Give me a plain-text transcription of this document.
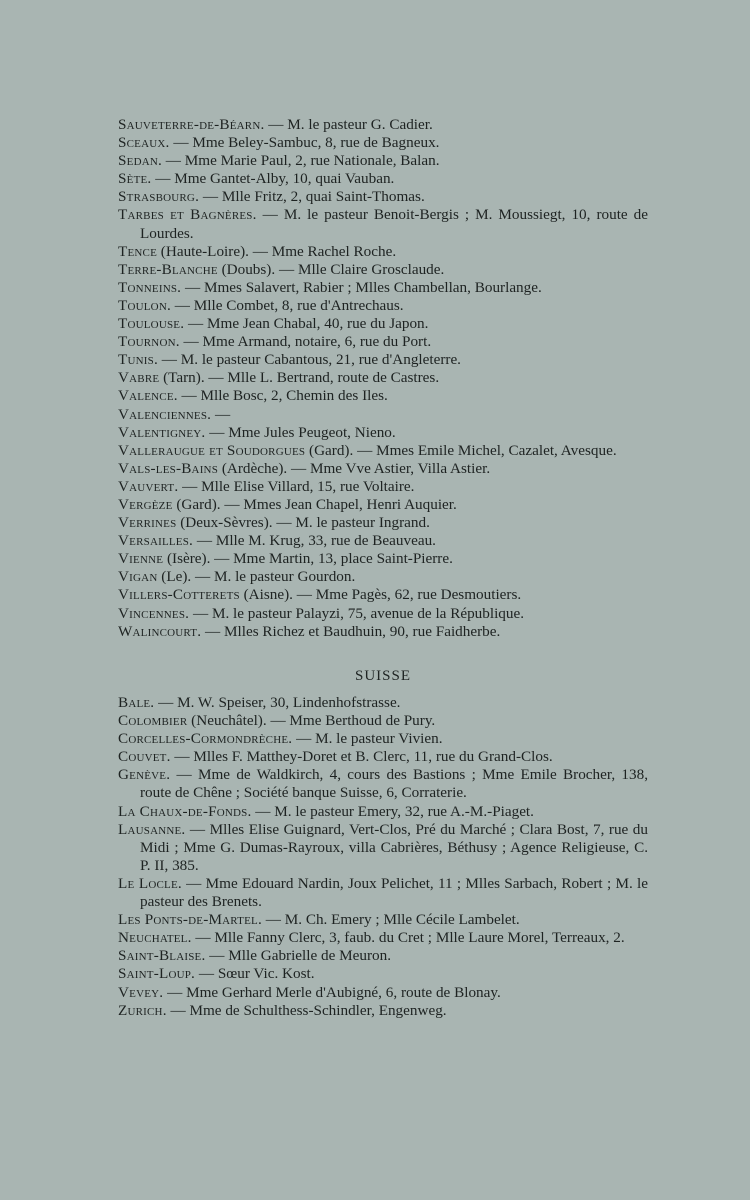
Sauveterre-de-Béarn. — M. le pasteur G. Cadier.
Sceaux. — Mme Beley-Sambuc, 8, rue de Bagneux.
Sedan. — Mme Marie Paul, 2, rue Nationale, Balan.
Sète. — Mme Gantet-Alby, 10, quai Vauban.
Strasbourg. — Mlle Fritz, 2, quai Saint-Thomas.
Tarbes et Bagnères. — M. le pasteur Benoit-Bergis ; M. Moussiegt, 10, route de Lourdes.
Tence (Haute-Loire). — Mme Rachel Roche.
Terre-Blanche (Doubs). — Mlle Claire Grosclaude.
Tonneins. — Mmes Salavert, Rabier ; Mlles Chambellan, Bourlange.
Toulon. — Mlle Combet, 8, rue d'Antrechaus.
Toulouse. — Mme Jean Chabal, 40, rue du Japon.
Tournon. — Mme Armand, notaire, 6, rue du Port.
Tunis. — M. le pasteur Cabantous, 21, rue d'Angleterre.
Vabre (Tarn). — Mlle L. Bertrand, route de Castres.
Valence. — Mlle Bosc, 2, Chemin des Iles.
Valenciennes. —
Valentigney. — Mme Jules Peugeot, Nieno.
Valleraugue et Soudorgues (Gard). — Mmes Emile Michel, Cazalet, Avesque.
Vals-les-Bains (Ardèche). — Mme Vve Astier, Villa Astier.
Vauvert. — Mlle Elise Villard, 15, rue Voltaire.
Vergèze (Gard). — Mmes Jean Chapel, Henri Auquier.
Verrines (Deux-Sèvres). — M. le pasteur Ingrand.
Versailles. — Mlle M. Krug, 33, rue de Beauveau.
Vienne (Isère). — Mme Martin, 13, place Saint-Pierre.
Vigan (Le). — M. le pasteur Gourdon.
Villers-Cotterets (Aisne). — Mme Pagès, 62, rue Desmoutiers.
Vincennes. — M. le pasteur Palayzi, 75, avenue de la République.
Walincourt. — Mlles Richez et Baudhuin, 90, rue Faidherbe.
SUISSE
Bale. — M. W. Speiser, 30, Lindenhofstrasse.
Colombier (Neuchâtel). — Mme Berthoud de Pury.
Corcelles-Cormondrèche. — M. le pasteur Vivien.
Couvet. — Mlles F. Matthey-Doret et B. Clerc, 11, rue du Grand-Clos.
Genève. — Mme de Waldkirch, 4, cours des Bastions ; Mme Emile Brocher, 138, route de Chêne ; Société banque Suisse, 6, Corraterie.
La Chaux-de-Fonds. — M. le pasteur Emery, 32, rue A.-M.-Piaget.
Lausanne. — Mlles Elise Guignard, Vert-Clos, Pré du Marché ; Clara Bost, 7, rue du Midi ; Mme G. Dumas-Rayroux, villa Cabrières, Béthusy ; Agence Religieuse, C. P. II, 385.
Le Locle. — Mme Edouard Nardin, Joux Pelichet, 11 ; Mlles Sarbach, Robert ; M. le pasteur des Brenets.
Les Ponts-de-Martel. — M. Ch. Emery ; Mlle Cécile Lambelet.
Neuchatel. — Mlle Fanny Clerc, 3, faub. du Cret ; Mlle Laure Morel, Terreaux, 2.
Saint-Blaise. — Mlle Gabrielle de Meuron.
Saint-Loup. — Sœur Vic. Kost.
Vevey. — Mme Gerhard Merle d'Aubigné, 6, route de Blonay.
Zurich. — Mme de Schulthess-Schindler, Engenweg.
